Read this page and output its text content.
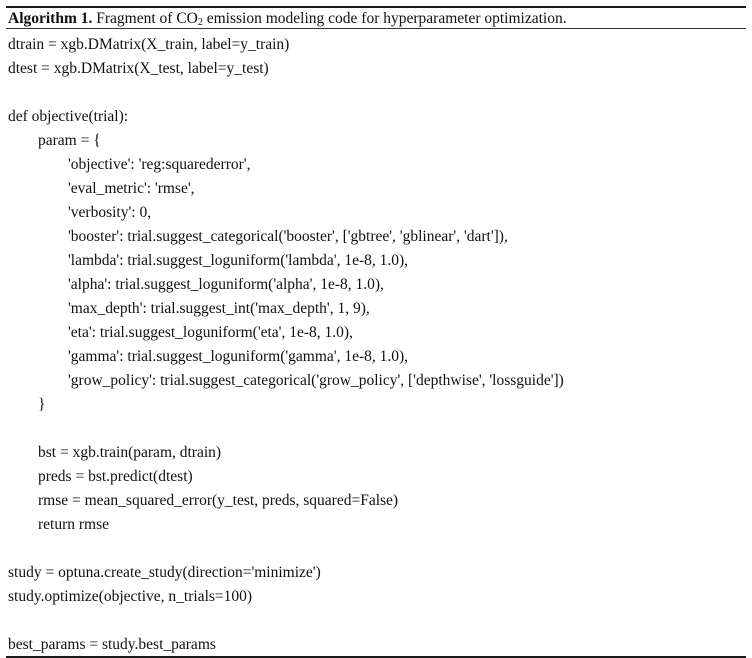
Algorithm 1. Fragment of $CO_2$ emission modeling code for hyperparameter optimization.
dtrain = xgb.DMatrix(X_train, label=y_train)
dtest = xgb.DMatrix(X_test, label=y_test)
def objective(trial):
param = {
'objective': 'reg:squarederror',
'eval_metric': 'rmse',
'verbosity': 0,
'booster': trial.suggest_categorical('booster', ['gbtree', 'gblinear', 'dart']),
'lambda': trial.suggest_loguniform('lambda', 1e-8, 1.0),
'alpha': trial.suggest_loguniform('alpha', 1e-8, 1.0),
'max_depth': trial.suggest_int('max_depth', 1, 9),
'eta': trial.suggest_loguniform('eta', 1e-8, 1.0),
'gamma': trial.suggest_loguniform('gamma', 1e-8, 1.0),
'grow_policy': trial.suggest_categorical('grow_policy', ['depthwise', 'lossguide'])
}
bst = xgb.train(param, dtrain)
preds = bst.predict(dtest)
rmse = mean_squared_error(y_test, preds, squared=False)
return rmse
study = optuna.create_study(direction='minimize')
study.optimize(objective, n_trials=100)
best_params = study.best_params
